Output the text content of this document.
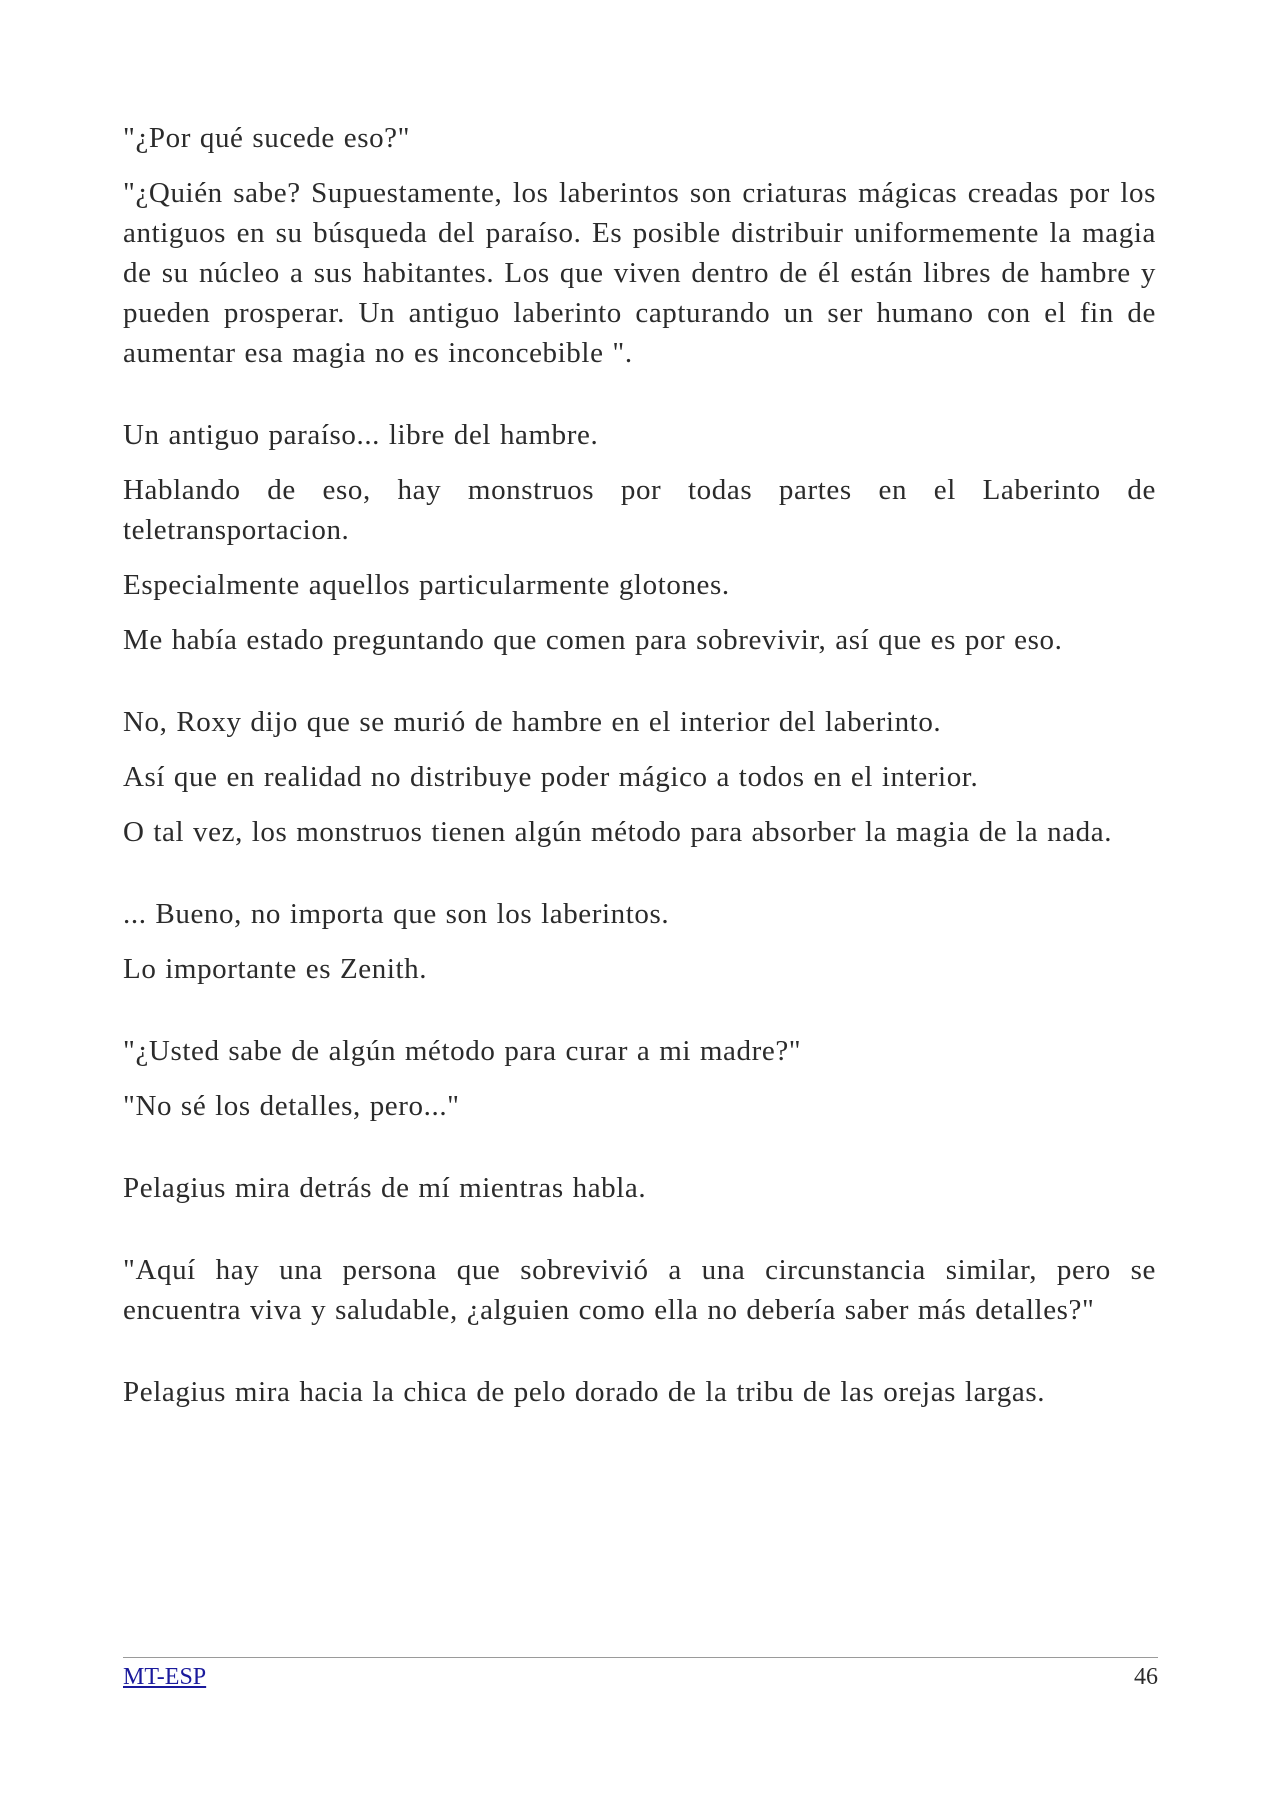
"¿Por qué sucede eso?"

"¿Quién sabe? Supuestamente, los laberintos son criaturas mágicas creadas por los antiguos en su búsqueda del paraíso. Es posible distribuir uniformemente la magia de su núcleo a sus habitantes. Los que viven dentro de él están libres de hambre y pueden prosperar. Un antiguo laberinto capturando un ser humano con el fin de aumentar esa magia no es inconcebible ".

Un antiguo paraíso... libre del hambre.

Hablando de eso, hay monstruos por todas partes en el Laberinto de teletransportacion.

Especialmente aquellos particularmente glotones.

Me había estado preguntando que comen para sobrevivir, así que es por eso.

No, Roxy dijo que se murió de hambre en el interior del laberinto.

Así que en realidad no distribuye poder mágico a todos en el interior.

O tal vez, los monstruos tienen algún método para absorber la magia de la nada.

... Bueno, no importa que son los laberintos.

Lo importante es Zenith.

"¿Usted sabe de algún método para curar a mi madre?"

"No sé los detalles, pero..."

Pelagius mira detrás de mí mientras habla.

"Aquí hay una persona que sobrevivió a una circunstancia similar, pero se encuentra viva y saludable, ¿alguien como ella no debería saber más detalles?"

Pelagius mira hacia la chica de pelo dorado de la tribu de las orejas largas.

MT-ESP	46
